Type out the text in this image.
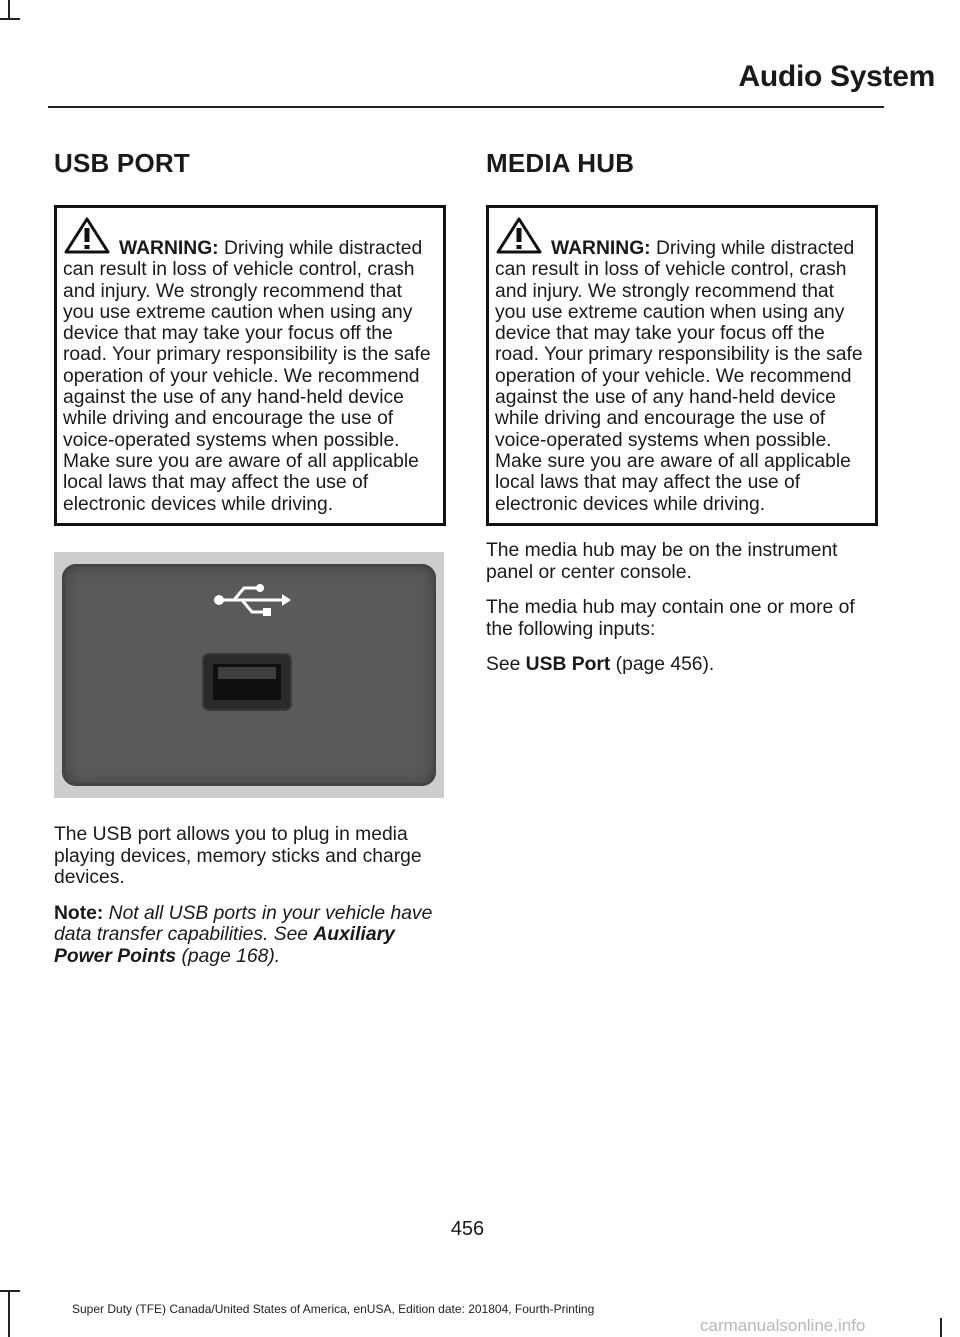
Audio System
USB PORT

WARNING: Driving while distracted can result in loss of vehicle control, crash and injury. We strongly recommend that you use extreme caution when using any device that may take your focus off the road. Your primary responsibility is the safe operation of your vehicle. We recommend against the use of any hand-held device while driving and encourage the use of voice-operated systems when possible. Make sure you are aware of all applicable local laws that may affect the use of electronic devices while driving.

The USB port allows you to plug in media playing devices, memory sticks and charge devices.

Note: Not all USB ports in your vehicle have data transfer capabilities. See Auxiliary Power Points (page 168).

MEDIA HUB

WARNING: Driving while distracted can result in loss of vehicle control, crash and injury. We strongly recommend that you use extreme caution when using any device that may take your focus off the road. Your primary responsibility is the safe operation of your vehicle. We recommend against the use of any hand-held device while driving and encourage the use of voice-operated systems when possible. Make sure you are aware of all applicable local laws that may affect the use of electronic devices while driving.

The media hub may be on the instrument panel or center console.

The media hub may contain one or more of the following inputs:

See USB Port (page 456).

456
Super Duty (TFE) Canada/United States of America, enUSA, Edition date: 201804, Fourth-Printing
carmanualsonline.info
